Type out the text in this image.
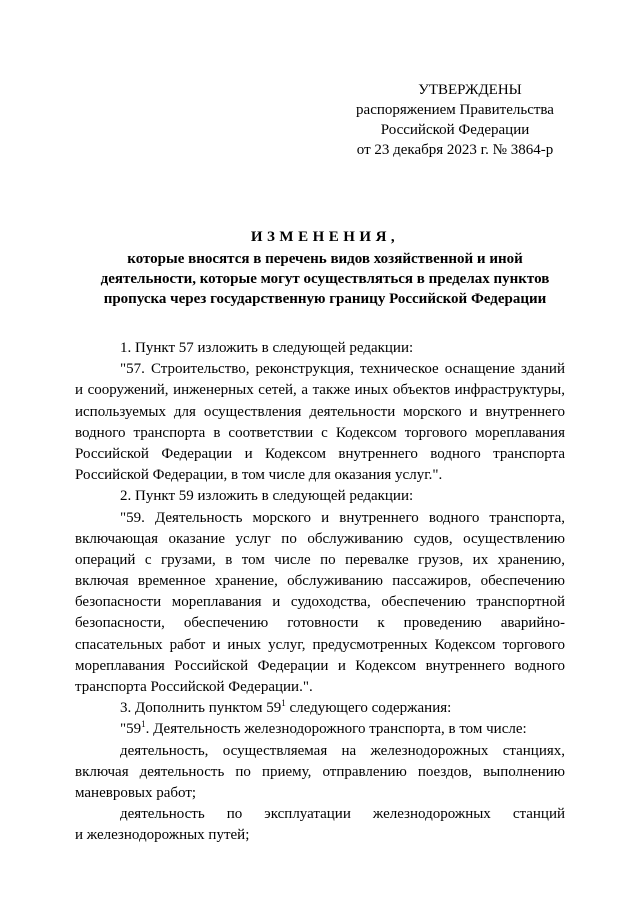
УТВЕРЖДЕНЫ
распоряжением Правительства
Российской Федерации
от 23 декабря 2023 г. № 3864-р
ИЗМЕНЕНИЯ,
которые вносятся в перечень видов хозяйственной и иной
деятельности, которые могут осуществляться в пределах пунктов
пропуска через государственную границу Российской Федерации
1. Пункт 57 изложить в следующей редакции:
"57. Строительство, реконструкция, техническое оснащение зданий
и сооружений, инженерных сетей, а также иных объектов инфраструктуры,
используемых для осуществления деятельности морского и внутреннего
водного транспорта в соответствии с Кодексом торгового мореплавания
Российской Федерации и Кодексом внутреннего водного транспорта
Российской Федерации, в том числе для оказания услуг.".
2. Пункт 59 изложить в следующей редакции:
"59. Деятельность морского и внутреннего водного транспорта,
включающая оказание услуг по обслуживанию судов, осуществлению
операций с грузами, в том числе по перевалке грузов, их хранению,
включая временное хранение, обслуживанию пассажиров, обеспечению
безопасности мореплавания и судоходства, обеспечению транспортной
безопасности, обеспечению готовности к проведению аварийно-
спасательных работ и иных услуг, предусмотренных Кодексом торгового
мореплавания Российской Федерации и Кодексом внутреннего водного
транспорта Российской Федерации.".
3. Дополнить пунктом $59^1$ следующего содержания:
"$59^1$. Деятельность железнодорожного транспорта, в том числе:
деятельность, осуществляемая на железнодорожных станциях,
включая деятельность по приему, отправлению поездов, выполнению
маневровых работ;
деятельность по эксплуатации железнодорожных станций
и железнодорожных путей;
